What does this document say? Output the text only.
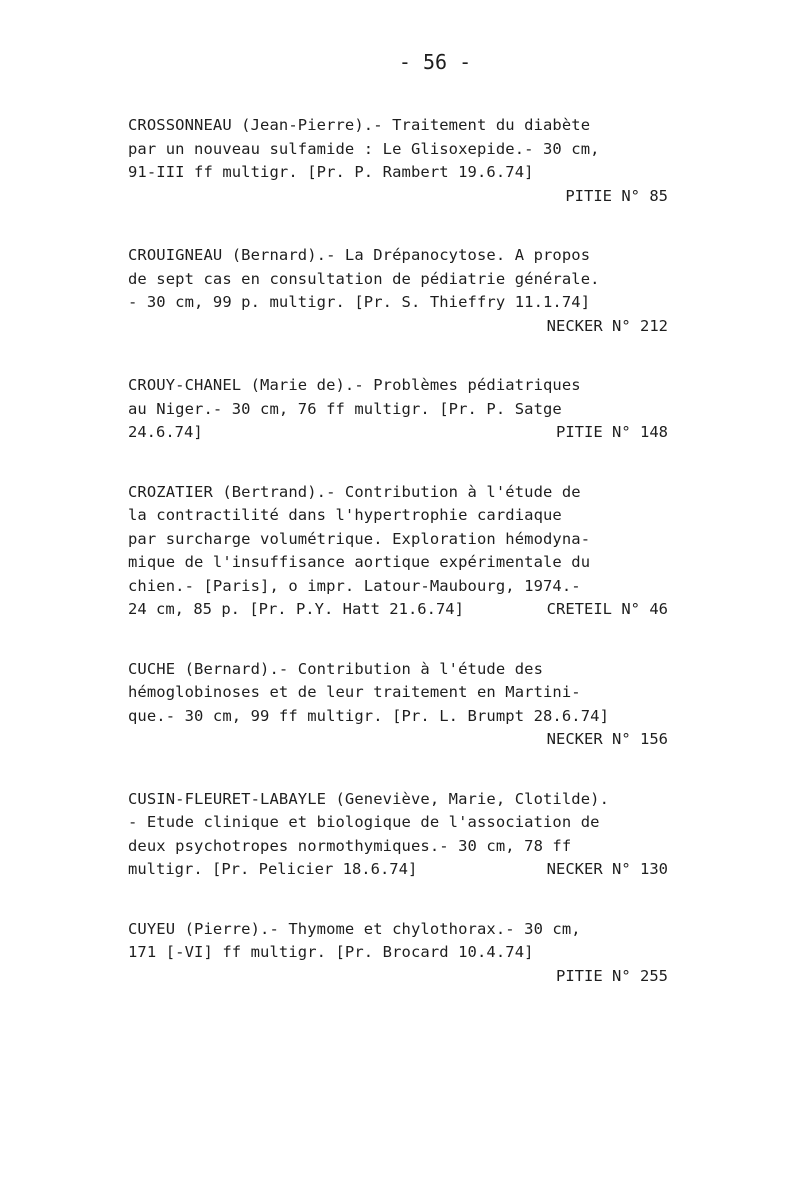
- 56 -
CROSSONNEAU (Jean-Pierre).- Traitement du diabète
par un nouveau sulfamide : Le Glisoxepide.- 30 cm,
91-III ff multigr. [Pr. P. Rambert 19.6.74]
PITIE N° 85
CROUIGNEAU (Bernard).- La Drépanocytose. A propos
de sept cas en consultation de pédiatrie générale.
- 30 cm, 99 p. multigr. [Pr. S. Thieffry 11.1.74]
NECKER N° 212
CROUY-CHANEL (Marie de).- Problèmes pédiatriques
au Niger.- 30 cm, 76 ff multigr. [Pr. P. Satge
24.6.74]	PITIE N° 148
CROZATIER (Bertrand).- Contribution à l'étude de
la contractilité dans l'hypertrophie cardiaque
par surcharge volumétrique. Exploration hémodyna-
mique de l'insuffisance aortique expérimentale du
chien.- [Paris], o impr. Latour-Maubourg, 1974.-
24 cm, 85 p. [Pr. P.Y. Hatt 21.6.74]	CRETEIL N° 46
CUCHE (Bernard).- Contribution à l'étude des
hémoglobinoses et de leur traitement en Martini-
que.- 30 cm, 99 ff multigr. [Pr. L. Brumpt 28.6.74]
NECKER N° 156
CUSIN-FLEURET-LABAYLE (Geneviève, Marie, Clotilde).
- Etude clinique et biologique de l'association de
deux psychotropes normothymiques.- 30 cm, 78 ff
multigr. [Pr. Pelicier 18.6.74]	NECKER N° 130
CUYEU (Pierre).- Thymome et chylothorax.- 30 cm,
171 [-VI] ff multigr. [Pr. Brocard 10.4.74]
PITIE N° 255
